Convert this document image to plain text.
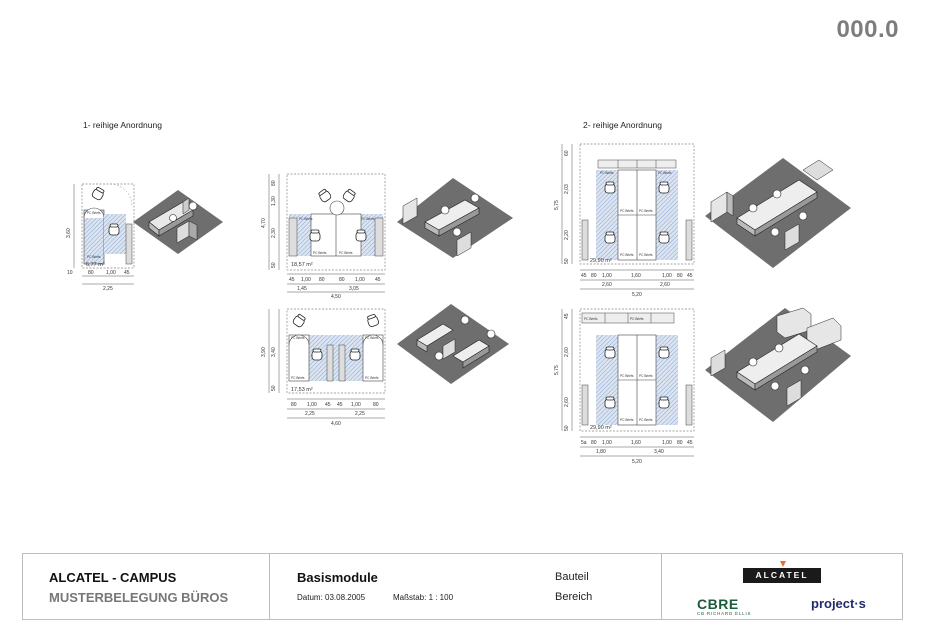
000.0
1- reihige Anordnung	2- reihige Anordnung
6,77 m²
PC Briefs
PC Briefs
3,60
10	80 1,00 45
2,25
18,57 m²
PC Briefs	PC Briefs
PC Briefs	PC Briefs
80
1,30
2,30
50
4,70
45 1,00 80	80 1,00 45
1,45	3,05
4,50
17,53 m²
PC Briefs	PC Briefs
PC Briefs	PC Briefs
3,40
50
3,90
80 1,00 45 45 1,00 80
2,25	2,25
4,60
29,90 m²
PC Briefs PC Briefs
PC Briefs PC Briefs
PC Briefs	PC Briefs
60
2,03
2,20
50
5,75
45 80 1,00	1,60	1,00 80 45
2,60	2,60
5,20
29,90 m²
PC Briefs PC Briefs
PC Briefs PC Briefs
PC Briefs	PC Briefs
45
2,60
2,60
50
5,75
5a 80 1,00	1,60	1,00 80 45
1,80	3,40
5,20
ALCATEL - CAMPUS
MUSTERBELEGUNG BÜROS
Basismodule
Datum: 03.08.2005	Maßstab: 1 : 100
Bauteil
Bereich
ALCATEL
CBRE
CB RICHARD ELLIS
project·s
